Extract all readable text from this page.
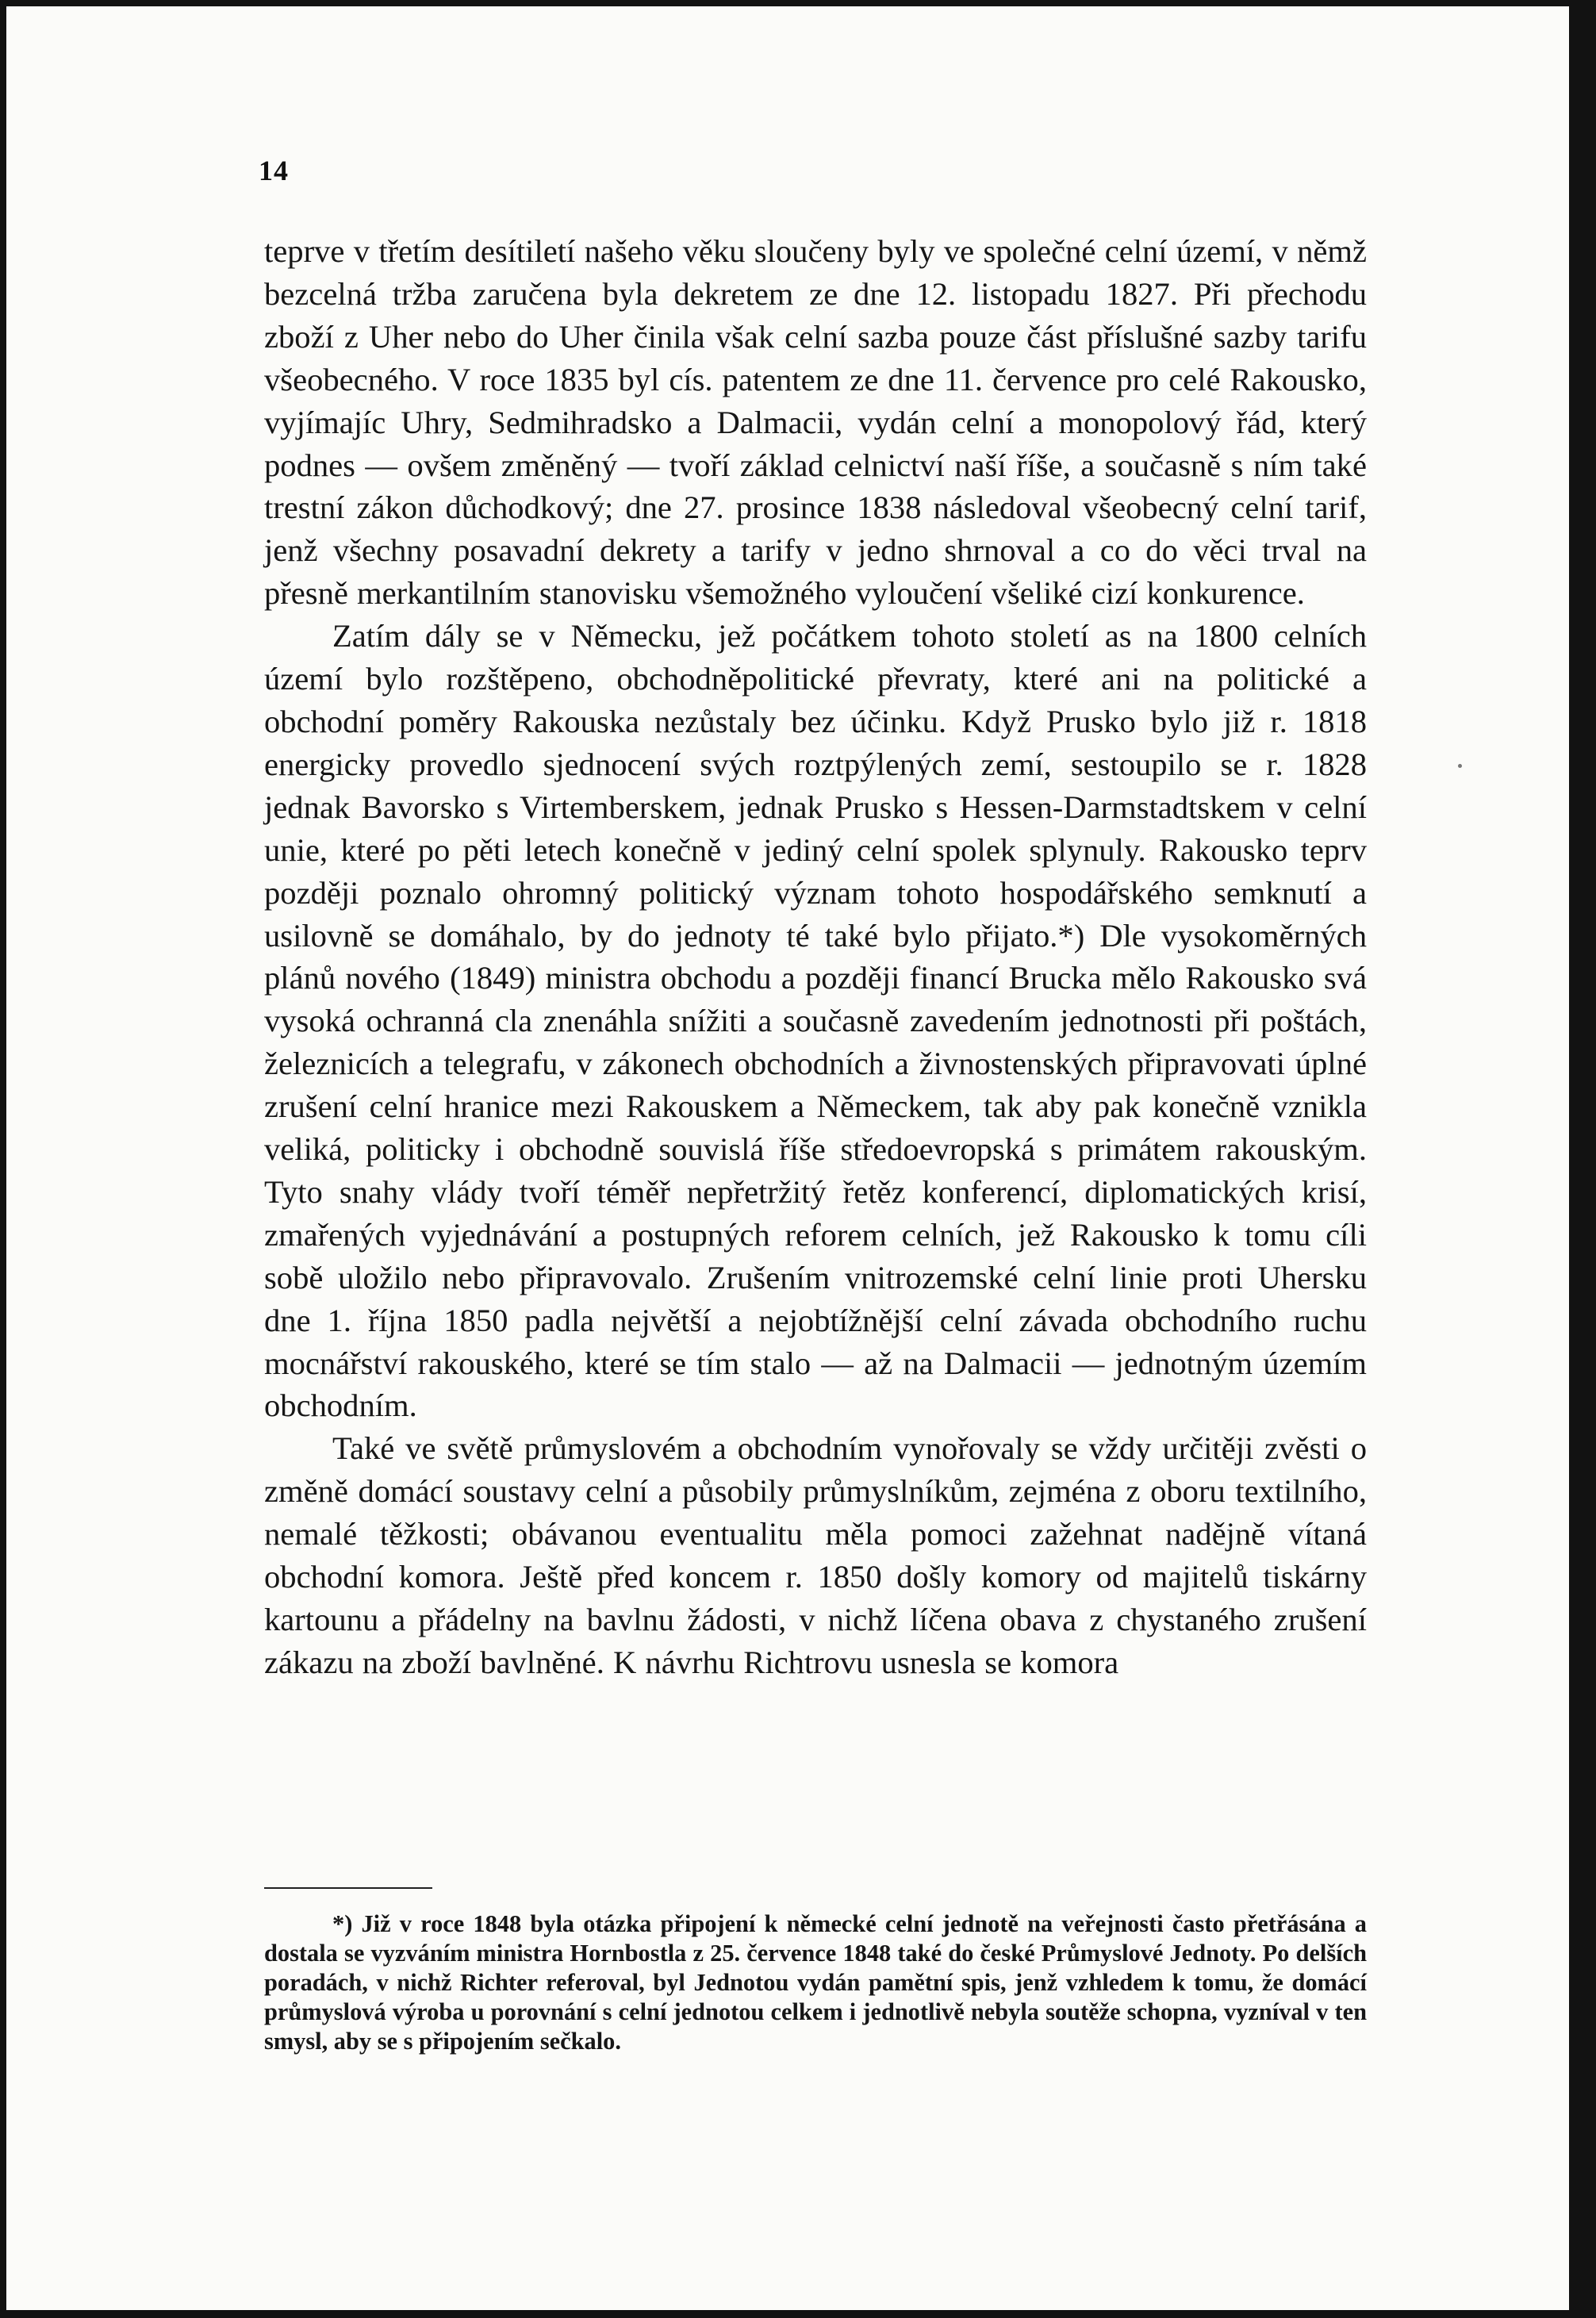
14

teprve v třetím desítiletí našeho věku sloučeny byly ve společné celní území, v němž bezcelná tržba zaručena byla dekretem ze dne 12. listopadu 1827. Při přechodu zboží z Uher nebo do Uher činila však celní sazba pouze část příslušné sazby tarifu všeobecného. V roce 1835 byl cís. patentem ze dne 11. července pro celé Rakousko, vyjímajíc Uhry, Sedmihradsko a Dalmacii, vydán celní a monopolový řád, který podnes — ovšem změněný — tvoří základ celnictví naší říše, a současně s ním také trestní zákon důchodkový; dne 27. prosince 1838 následoval všeobecný celní tarif, jenž všechny posavadní dekrety a tarify v jedno shrnoval a co do věci trval na přesně merkantilním stanovisku všemožného vyloučení všeliké cizí konkurence.

Zatím dály se v Německu, jež počátkem tohoto století as na 1800 celních území bylo rozštěpeno, obchodněpolitické převraty, které ani na politické a obchodní poměry Rakouska nezůstaly bez účinku. Když Prusko bylo již r. 1818 energicky provedlo sjednocení svých roztpýlených zemí, sestoupilo se r. 1828 jednak Bavorsko s Virtemberskem, jednak Prusko s Hessen-Darmstadtskem v celní unie, které po pěti letech konečně v jediný celní spolek splynuly. Rakousko teprv později poznalo ohromný politický význam tohoto hospodářského semknutí a usilovně se domáhalo, by do jednoty té také bylo přijato.*) Dle vysokoměrných plánů nového (1849) ministra obchodu a později financí Brucka mělo Rakousko svá vysoká ochranná cla znenáhla snížiti a současně zavedením jednotnosti při poštách, železnicích a telegrafu, v zákonech obchodních a živnostenských připravovati úplné zrušení celní hranice mezi Rakouskem a Německem, tak aby pak konečně vznikla veliká, politicky i obchodně souvislá říše středoevropská s primátem rakouským. Tyto snahy vlády tvoří téměř nepřetržitý řetěz konferencí, diplomatických krisí, zmařených vyjednávání a postupných reforem celních, jež Rakousko k tomu cíli sobě uložilo nebo připravovalo. Zrušením vnitrozemské celní linie proti Uhersku dne 1. října 1850 padla největší a nejobtížnější celní závada obchodního ruchu mocnářství rakouského, které se tím stalo — až na Dalmacii — jednotným územím obchodním.

Také ve světě průmyslovém a obchodním vynořovaly se vždy určitěji zvěsti o změně domácí soustavy celní a působily průmyslníkům, zejména z oboru textilního, nemalé těžkosti; obávanou eventualitu měla pomoci zažehnat nadějně vítaná obchodní komora. Ještě před koncem r. 1850 došly komory od majitelů tiskárny kartounu a přádelny na bavlnu žádosti, v nichž líčena obava z chystaného zrušení zákazu na zboží bavlněné. K návrhu Richtrovu usnesla se komora

*) Již v roce 1848 byla otázka připojení k německé celní jednotě na veřejnosti často přetřásána a dostala se vyzváním ministra Hornbostla z 25. července 1848 také do české Průmyslové Jednoty. Po delších poradách, v nichž Richter referoval, byl Jednotou vydán pamětní spis, jenž vzhledem k tomu, že domácí průmyslová výroba u porovnání s celní jednotou celkem i jednotlivě nebyla soutěže schopna, vyzníval v ten smysl, aby se s připojením sečkalo.
